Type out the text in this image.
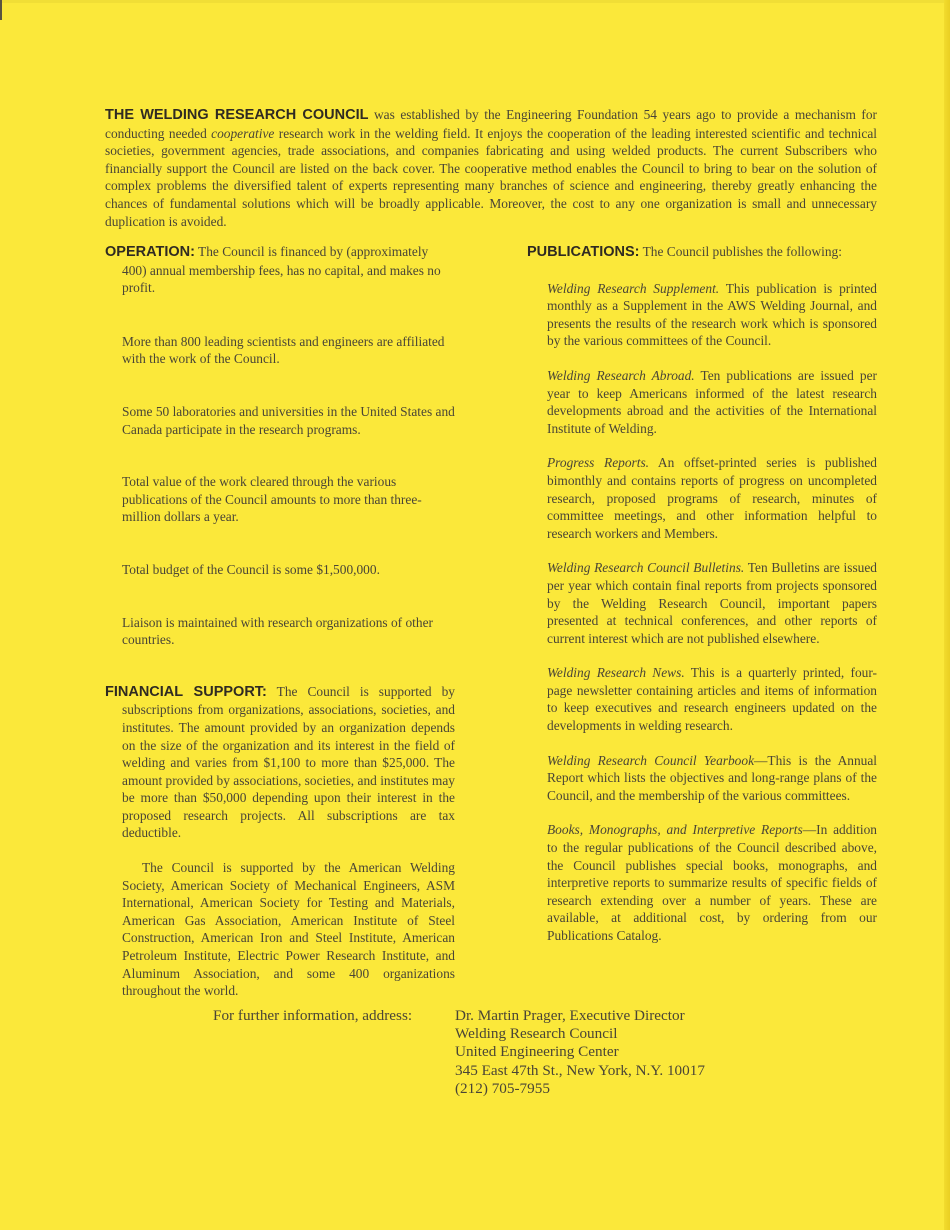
THE WELDING RESEARCH COUNCIL was established by the Engineering Foundation 54 years ago to provide a mechanism for conducting needed cooperative research work in the welding field. It enjoys the cooperation of the leading interested scientific and technical societies, government agencies, trade associations, and companies fabricating and using welded products. The current Subscribers who financially support the Council are listed on the back cover. The cooperative method enables the Council to bring to bear on the solution of complex problems the diversified talent of experts representing many branches of science and engineering, thereby greatly enhancing the chances of fundamental solutions which will be broadly applicable. Moreover, the cost to any one organization is small and unnecessary duplication is avoided.

OPERATION: The Council is financed by (approximately 400) annual membership fees, has no capital, and makes no profit.

More than 800 leading scientists and engineers are affiliated with the work of the Council.

Some 50 laboratories and universities in the United States and Canada participate in the research programs.

Total value of the work cleared through the various publications of the Council amounts to more than three-million dollars a year.

Total budget of the Council is some $1,500,000.

Liaison is maintained with research organizations of other countries.

FINANCIAL SUPPORT: The Council is supported by subscriptions from organizations, associations, societies, and institutes. The amount provided by an organization depends on the size of the organization and its interest in the field of welding and varies from $1,100 to more than $25,000. The amount provided by associations, societies, and institutes may be more than $50,000 depending upon their interest in the proposed research projects. All subscriptions are tax deductible.

The Council is supported by the American Welding Society, American Society of Mechanical Engineers, ASM International, American Society for Testing and Materials, American Gas Association, American Institute of Steel Construction, American Iron and Steel Institute, American Petroleum Institute, Electric Power Research Institute, and Aluminum Association, and some 400 organizations throughout the world.

PUBLICATIONS: The Council publishes the following:

Welding Research Supplement. This publication is printed monthly as a Supplement in the AWS Welding Journal, and presents the results of the research work which is sponsored by the various committees of the Council.

Welding Research Abroad. Ten publications are issued per year to keep Americans informed of the latest research developments abroad and the activities of the International Institute of Welding.

Progress Reports. An offset-printed series is published bimonthly and contains reports of progress on uncompleted research, proposed programs of research, minutes of committee meetings, and other information helpful to research workers and Members.

Welding Research Council Bulletins. Ten Bulletins are issued per year which contain final reports from projects sponsored by the Welding Research Council, important papers presented at technical conferences, and other reports of current interest which are not published elsewhere.

Welding Research News. This is a quarterly printed, four-page newsletter containing articles and items of information to keep executives and research engineers updated on the developments in welding research.

Welding Research Council Yearbook—This is the Annual Report which lists the objectives and long-range plans of the Council, and the membership of the various committees.

Books, Monographs, and Interpretive Reports—In addition to the regular publications of the Council described above, the Council publishes special books, monographs, and interpretive reports to summarize results of specific fields of research extending over a number of years. These are available, at additional cost, by ordering from our Publications Catalog.

For further information, address:	Dr. Martin Prager, Executive Director
Welding Research Council
United Engineering Center
345 East 47th St., New York, N.Y. 10017
(212) 705-7955
